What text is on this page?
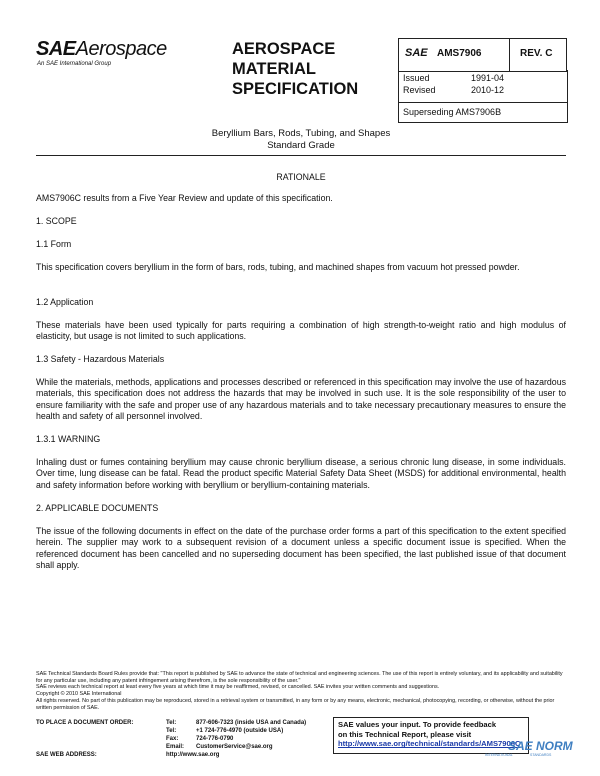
SAEAerospace
An SAE International Group
AEROSPACE
MATERIAL
SPECIFICATION
SAE AMS7906	REV. C
Issued	1991-04
Revised	2010-12
Superseding AMS7906B
Beryllium Bars, Rods, Tubing, and Shapes
Standard Grade
RATIONALE
AMS7906C results from a Five Year Review and update of this specification.
1. SCOPE
1.1 Form
This specification covers beryllium in the form of bars, rods, tubing, and machined shapes from vacuum hot pressed powder.
1.2 Application
These materials have been used typically for parts requiring a combination of high strength-to-weight ratio and high modulus of elasticity, but usage is not limited to such applications.
1.3 Safety - Hazardous Materials
While the materials, methods, applications and processes described or referenced in this specification may involve the use of hazardous materials, this specification does not address the hazards that may be involved in such use. It is the sole responsibility of the user to ensure familiarity with the safe and proper use of any hazardous materials and to take necessary precautionary measures to ensure the health and safety of all personnel involved.
1.3.1 WARNING
Inhaling dust or fumes containing beryllium may cause chronic beryllium disease, a serious chronic lung disease, in some individuals. Over time, lung disease can be fatal. Read the product specific Material Safety Data Sheet (MSDS) for additional environmental, health and safety information before working with beryllium or beryllium-containing materials.
2. APPLICABLE DOCUMENTS
The issue of the following documents in effect on the date of the purchase order forms a part of this specification to the extent specified herein. The supplier may work to a subsequent revision of a document unless a specific document issue is specified. When the referenced document has been cancelled and no superseding document has been specified, the last published issue of that document shall apply.
SAE Technical Standards Board Rules provide that: "This report is published by SAE to advance the state of technical and engineering sciences. The use of this report is entirely voluntary, and its applicability and suitability for any particular use, including any patent infringement arising therefrom, is the sole responsibility of the user."
SAE reviews each technical report at least every five years at which time it may be reaffirmed, revised, or cancelled. SAE invites your written comments and suggestions.
Copyright © 2010 SAE International
All rights reserved. No part of this publication may be reproduced, stored in a retrieval system or transmitted, in any form or by any means, electronic, mechanical, photocopying, recording, or otherwise, without the prior written permission of SAE.
TO PLACE A DOCUMENT ORDER:	Tel:	877-606-7323 (inside USA and Canada)
Tel:	+1 724-776-4970 (outside USA)
Fax:	724-776-0790
Email: CustomerService@sae.org
SAE WEB ADDRESS:	http://www.sae.org
SAE values your input. To provide feedback
on this Technical Report, please visit
http://www.sae.org/technical/standards/AMS7906C
SAE NORM
INTERNATIONAL	STANDARDS
